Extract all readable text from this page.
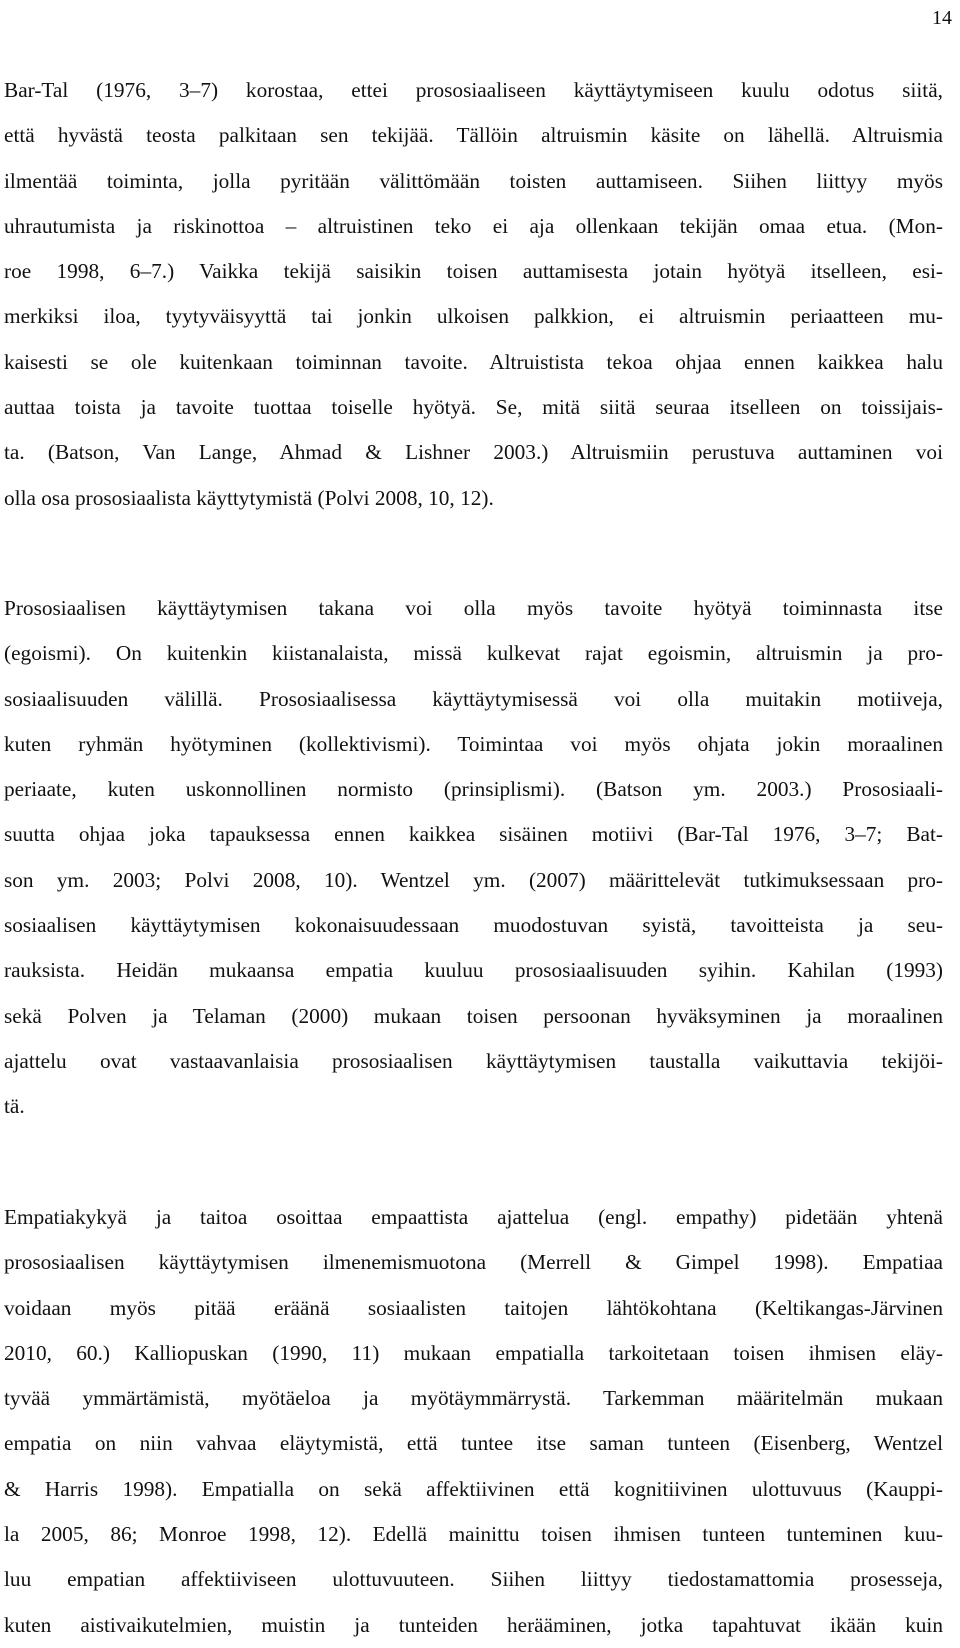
14
Bar-Tal (1976, 3–7) korostaa, ettei prososiaaliseen käyttäytymiseen kuulu odotus siitä,
että hyvästä teosta palkitaan sen tekijää. Tällöin altruismin käsite on lähellä. Altruismia
ilmentää toiminta, jolla pyritään välittömään toisten auttamiseen. Siihen liittyy myös
uhrautumista ja riskinottoa – altruistinen teko ei aja ollenkaan tekijän omaa etua. (Mon-
roe 1998, 6–7.) Vaikka tekijä saisikin toisen auttamisesta jotain hyötyä itselleen, esi-
merkiksi iloa, tyytyväisyyttä tai jonkin ulkoisen palkkion, ei altruismin periaatteen mu-
kaisesti se ole kuitenkaan toiminnan tavoite. Altruistista tekoa ohjaa ennen kaikkea halu
auttaa toista ja tavoite tuottaa toiselle hyötyä. Se, mitä siitä seuraa itselleen on toissijais-
ta. (Batson, Van Lange, Ahmad & Lishner 2003.) Altruismiin perustuva auttaminen voi
olla osa prososiaalista käyttytymistä (Polvi 2008, 10, 12).
Prososiaalisen käyttäytymisen takana voi olla myös tavoite hyötyä toiminnasta itse
(egoismi). On kuitenkin kiistanalaista, missä kulkevat rajat egoismin, altruismin ja pro-
sosiaalisuuden välillä. Prososiaalisessa käyttäytymisessä voi olla muitakin motiiveja,
kuten ryhmän hyötyminen (kollektivismi). Toimintaa voi myös ohjata jokin moraalinen
periaate, kuten uskonnollinen normisto (prinsiplismi). (Batson ym. 2003.) Prososiaali-
suutta ohjaa joka tapauksessa ennen kaikkea sisäinen motiivi (Bar-Tal 1976, 3–7; Bat-
son ym. 2003; Polvi 2008, 10). Wentzel ym. (2007) määrittelevät tutkimuksessaan pro-
sosiaalisen käyttäytymisen kokonaisuudessaan muodostuvan syistä, tavoitteista ja seu-
rauksista. Heidän mukaansa empatia kuuluu prososiaalisuuden syihin. Kahilan (1993)
sekä Polven ja Telaman (2000) mukaan toisen persoonan hyväksyminen ja moraalinen
ajattelu ovat vastaavanlaisia prososiaalisen käyttäytymisen taustalla vaikuttavia tekijöi-
tä.
Empatiakykyä ja taitoa osoittaa empaattista ajattelua (engl. empathy) pidetään yhtenä
prososiaalisen käyttäytymisen ilmenemismuotona (Merrell & Gimpel 1998). Empatiaa
voidaan myös pitää eräänä sosiaalisten taitojen lähtökohtana (Keltikangas-Järvinen
2010, 60.) Kalliopuskan (1990, 11) mukaan empatialla tarkoitetaan toisen ihmisen eläy-
tyvää ymmärtämistä, myötäeloa ja myötäymmärrystä. Tarkemman määritelmän mukaan
empatia on niin vahvaa eläytymistä, että tuntee itse saman tunteen (Eisenberg, Wentzel
& Harris 1998). Empatialla on sekä affektiivinen että kognitiivinen ulottuvuus (Kauppi-
la 2005, 86; Monroe 1998, 12). Edellä mainittu toisen ihmisen tunteen tunteminen kuu-
luu empatian affektiiviseen ulottuvuuteen. Siihen liittyy tiedostamattomia prosesseja,
kuten aistivaikutelmien, muistin ja tunteiden herääminen, jotka tapahtuvat ikään kuin
